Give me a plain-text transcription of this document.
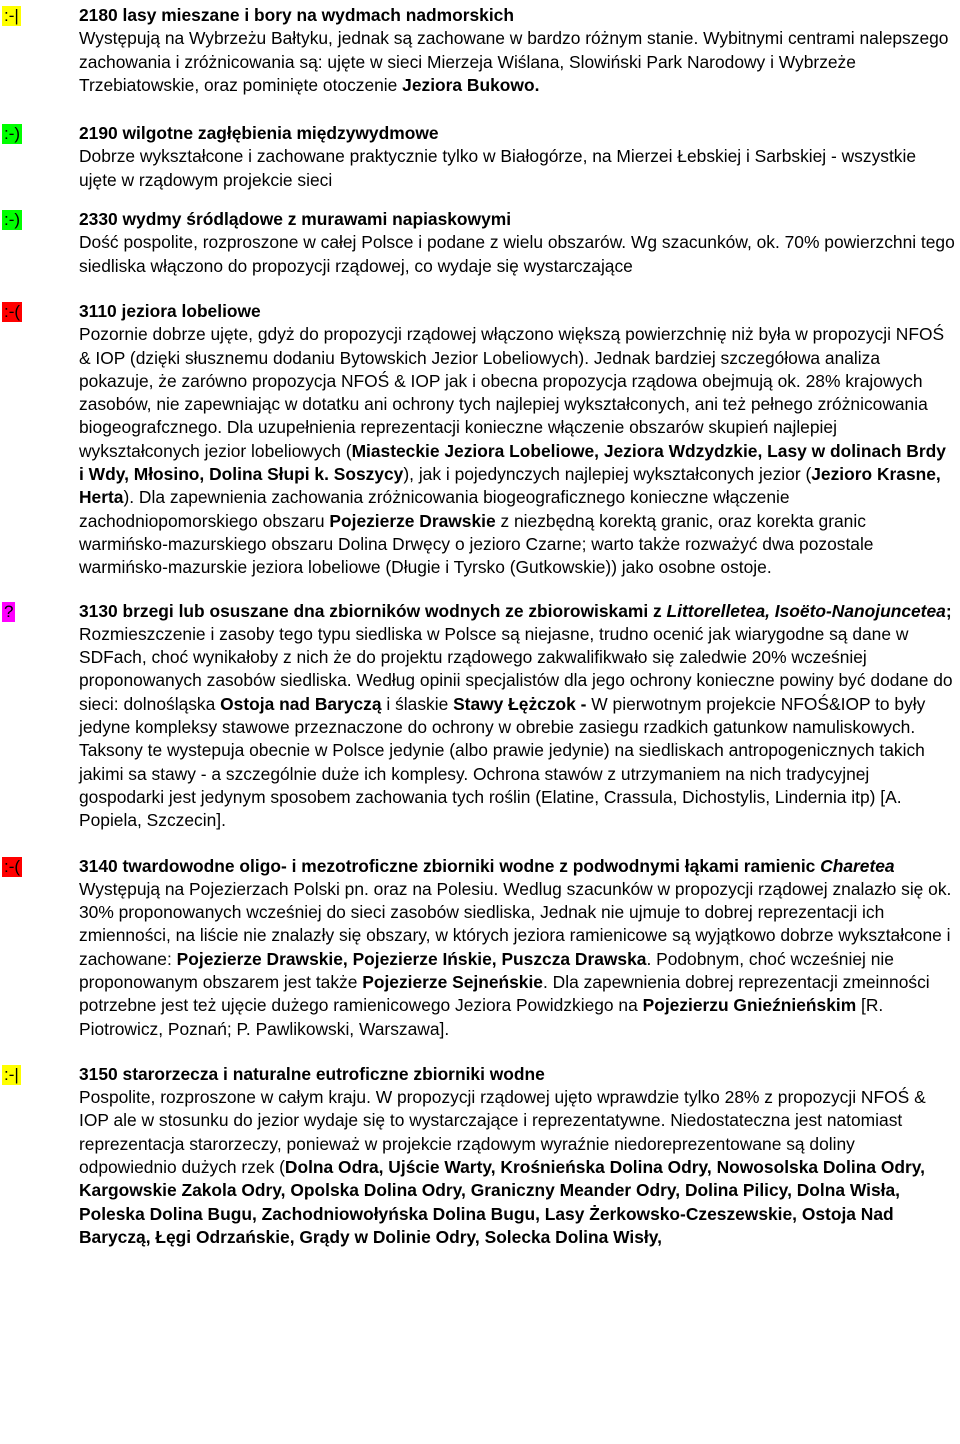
:-|	2180 lasy mieszane i bory na wydmach nadmorskich
Występują na Wybrzeżu Bałtyku, jednak są zachowane w bardzo różnym stanie. Wybitnymi centrami nalepszego zachowania i zróżnicowania są: ujęte w sieci Mierzeja Wiślana, Slowiński Park Narodowy i Wybrzeże Trzebiatowskie, oraz pominięte otoczenie Jeziora Bukowo.
:-)	2190 wilgotne zagłębienia międzywydmowe
Dobrze wykształcone i zachowane praktycznie tylko w Białogórze, na Mierzei Łebskiej i Sarbskiej - wszystkie ujęte w rządowym projekcie sieci
:-)	2330 wydmy śródlądowe z murawami napiaskowymi
Dość pospolite, rozproszone w całej Polsce i podane z wielu obszarów. Wg szacunków, ok. 70% powierzchni tego siedliska włączono do propozycji rządowej, co wydaje się wystarczające
:-(	3110 jeziora lobeliowe
Pozornie dobrze ujęte, gdyż do propozycji rządowej włączono większą powierzchnię niż była w propozycji NFOŚ & IOP (dzięki słusznemu dodaniu Bytowskich Jezior Lobeliowych). Jednak bardziej szczegółowa analiza pokazuje, że zarówno propozycja NFOŚ & IOP jak i obecna propozycja rządowa obejmują ok. 28% krajowych zasobów, nie zapewniając w dotatku ani ochrony tych najlepiej wykształconych, ani też pełnego zróżnicowania biogeografcznego. Dla uzupełnienia reprezentacji konieczne włączenie obszarów skupień najlepiej wykształconych jezior lobeliowych (Miasteckie Jeziora Lobeliowe, Jeziora Wdzydzkie, Lasy w dolinach Brdy i Wdy, Młosino, Dolina Słupi k. Soszycy), jak i pojedynczych najlepiej wykształconych jezior (Jezioro Krasne, Herta). Dla zapewnienia zachowania zróżnicowania biogeograficznego konieczne włączenie zachodniopomorskiego obszaru Pojezierze Drawskie z niezbędną korektą granic, oraz korekta granic warmińsko-mazurskiego obszaru Dolina Drwęcy o jezioro Czarne; warto także rozważyć dwa pozostale warmińsko-mazurskie jeziora lobeliowe (Długie i Tyrsko (Gutkowskie)) jako osobne ostoje.
?	3130 brzegi lub osuszane dna zbiorników wodnych ze zbiorowiskami z Littorelletea, Isoëto-Nanojuncetea;
Rozmieszczenie i zasoby tego typu siedliska w Polsce są niejasne, trudno ocenić jak wiarygodne są dane w SDFach, choć wynikałoby z nich że do projektu rządowego zakwalifikwało się zaledwie 20% wcześniej proponowanych zasobów siedliska. Według opinii specjalistów dla jego ochrony konieczne powiny być dodane do sieci: dolnośląska Ostoja nad Baryczą i ślaskie Stawy Łężczok - W pierwotnym projekcie NFOŚ&IOP to były jedyne kompleksy stawowe przeznaczone do ochrony w obrebie zasiegu rzadkich gatunkow namuliskowych. Taksony te wystepuja obecnie w Polsce jedynie (albo prawie jedynie) na siedliskach antropogenicznych takich jakimi sa stawy - a szczególnie duże ich komplesy. Ochrona stawów z utrzymaniem na nich tradycyjnej gospodarki jest jedynym sposobem zachowania tych roślin (Elatine, Crassula, Dichostylis, Lindernia itp) [A. Popiela, Szczecin].
:-(	3140 twardowodne oligo- i mezotroficzne zbiorniki wodne z podwodnymi łąkami ramienic Charetea
Występują na Pojezierzach Polski pn. oraz na Polesiu. Wedlug szacunków w propozycji rządowej znalazło się ok. 30% proponowanych wcześniej do sieci zasobów siedliska, Jednak nie ujmuje to dobrej reprezentacji ich zmienności, na liście nie znalazły się obszary, w których jeziora ramienicowe są wyjątkowo dobrze wykształcone i zachowane: Pojezierze Drawskie, Pojezierze Ińskie, Puszcza Drawska. Podobnym, choć wcześniej nie proponowanym obszarem jest także Pojezierze Sejneńskie. Dla zapewnienia dobrej reprezentacji zmeinności potrzebne jest też ujęcie dużego ramienicowego Jeziora Powidzkiego na Pojezierzu Gnieźnieńskim [R. Piotrowicz, Poznań; P. Pawlikowski, Warszawa].
:-|	3150 starorzecza i naturalne eutroficzne zbiorniki wodne
Pospolite, rozproszone w całym kraju. W propozycji rządowej ujęto wprawdzie tylko 28% z propozycji NFOŚ & IOP ale w stosunku do jezior wydaje się to wystarczające i reprezentatywne. Niedostateczna jest natomiast reprezentacja starorzeczy, ponieważ w projekcie rządowym wyraźnie niedoreprezentowane są doliny odpowiednio dużych rzek (Dolna Odra, Ujście Warty, Krośnieńska Dolina Odry, Nowosolska Dolina Odry, Kargowskie Zakola Odry, Opolska Dolina Odry, Graniczny Meander Odry, Dolina Pilicy, Dolna Wisła, Poleska Dolina Bugu, Zachodniowołyńska Dolina Bugu, Lasy Żerkowsko-Czeszewskie, Ostoja Nad Baryczą, Łęgi Odrzańskie, Grądy w Dolinie Odry, Solecka Dolina Wisły,
